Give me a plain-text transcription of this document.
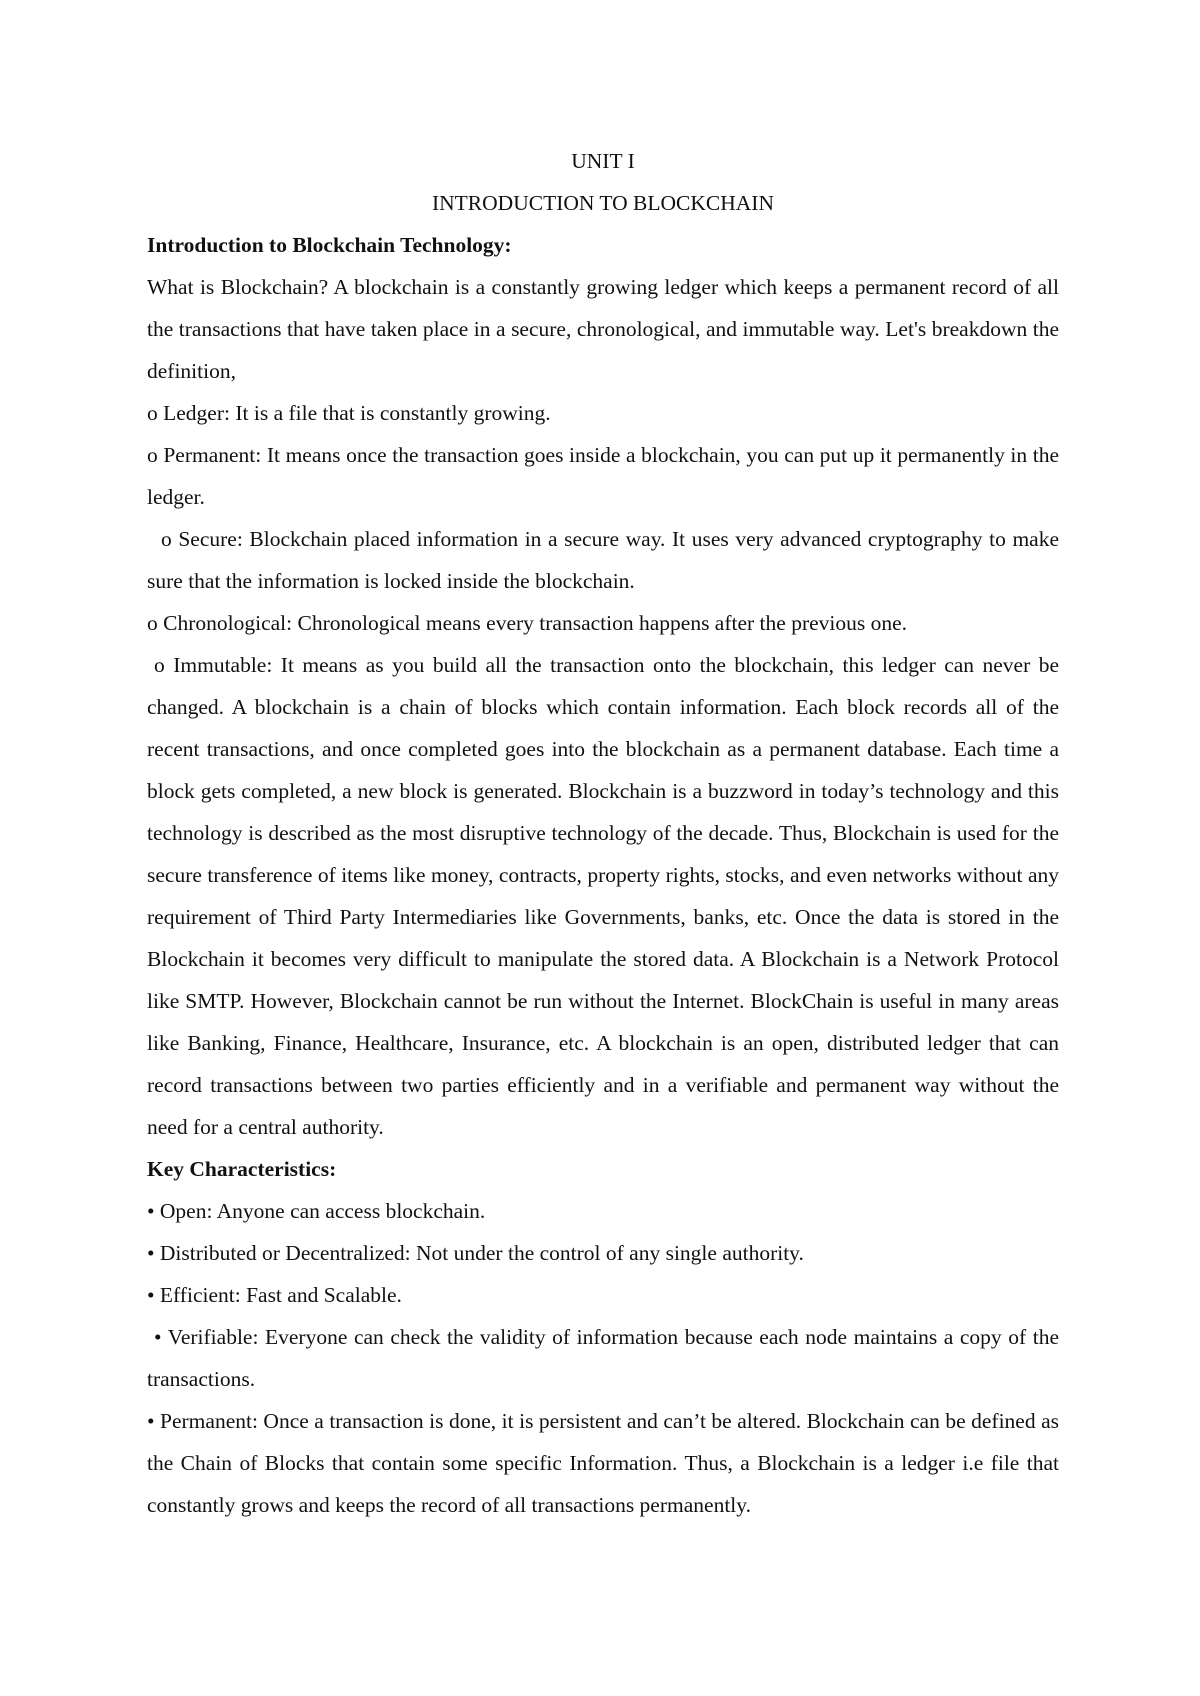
UNIT I

INTRODUCTION TO BLOCKCHAIN

Introduction to Blockchain Technology:

What is Blockchain? A blockchain is a constantly growing ledger which keeps a permanent record of all the transactions that have taken place in a secure, chronological, and immutable way. Let's breakdown the definition,

o Ledger: It is a file that is constantly growing.

o Permanent: It means once the transaction goes inside a blockchain, you can put up it permanently in the ledger.

o Secure: Blockchain placed information in a secure way. It uses very advanced cryptography to make sure that the information is locked inside the blockchain.

o Chronological: Chronological means every transaction happens after the previous one.

o Immutable: It means as you build all the transaction onto the blockchain, this ledger can never be changed. A blockchain is a chain of blocks which contain information. Each block records all of the recent transactions, and once completed goes into the blockchain as a permanent database. Each time a block gets completed, a new block is generated. Blockchain is a buzzword in today’s technology and this technology is described as the most disruptive technology of the decade. Thus, Blockchain is used for the secure transference of items like money, contracts, property rights, stocks, and even networks without any requirement of Third Party Intermediaries like Governments, banks, etc. Once the data is stored in the Blockchain it becomes very difficult to manipulate the stored data. A Blockchain is a Network Protocol like SMTP. However, Blockchain cannot be run without the Internet. BlockChain is useful in many areas like Banking, Finance, Healthcare, Insurance, etc. A blockchain is an open, distributed ledger that can record transactions between two parties efficiently and in a verifiable and permanent way without the need for a central authority.

Key Characteristics:

• Open: Anyone can access blockchain.

• Distributed or Decentralized: Not under the control of any single authority.

• Efficient: Fast and Scalable.

• Verifiable: Everyone can check the validity of information because each node maintains a copy of the transactions.

• Permanent: Once a transaction is done, it is persistent and can’t be altered. Blockchain can be defined as the Chain of Blocks that contain some specific Information. Thus, a Blockchain is a ledger i.e file that constantly grows and keeps the record of all transactions permanently.
